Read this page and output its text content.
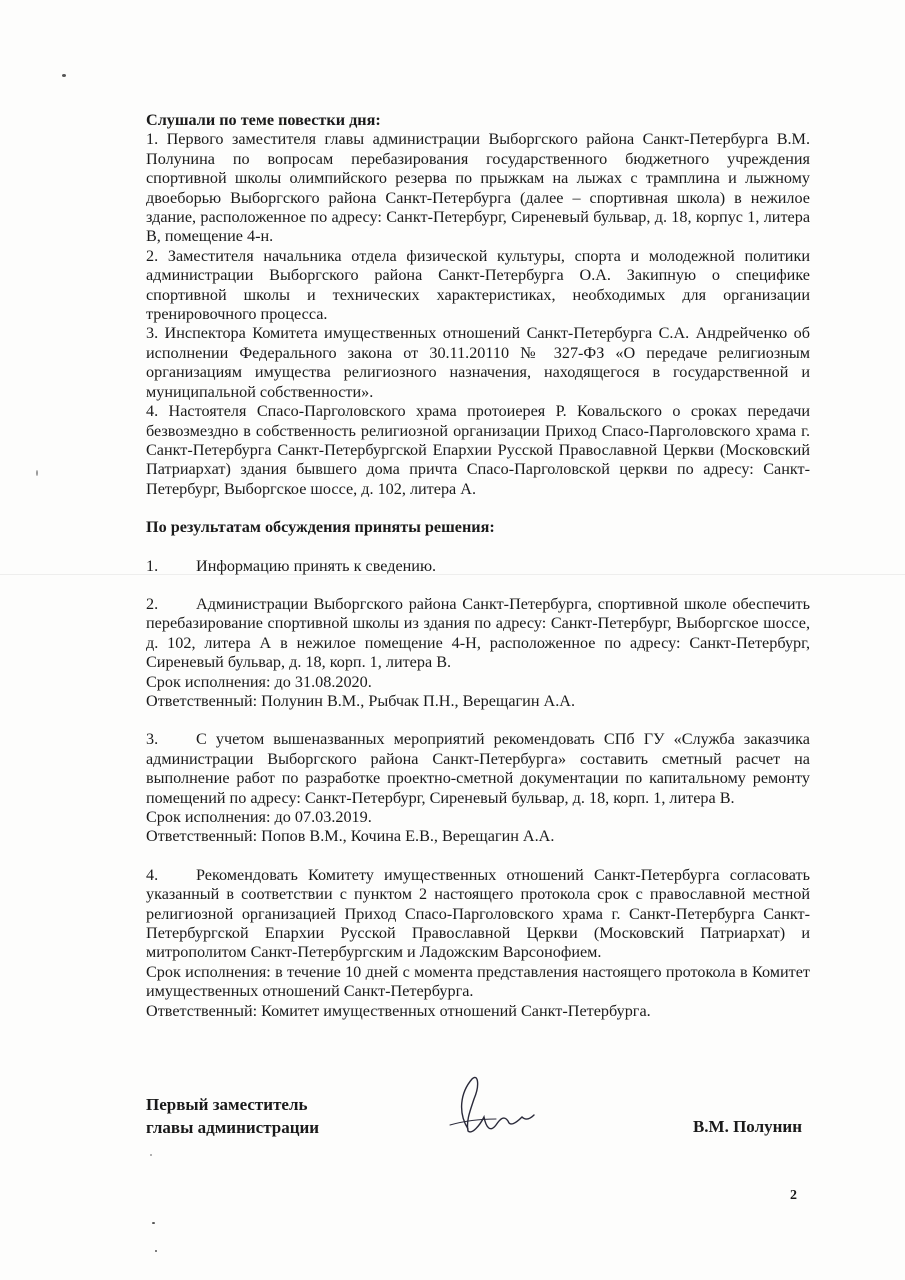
Слушали по теме повестки дня:

1. Первого заместителя главы администрации Выборгского района Санкт-Петербурга В.М. Полунина по вопросам перебазирования государственного бюджетного учреждения спортивной школы олимпийского резерва по прыжкам на лыжах с трамплина и лыжному двоеборью Выборгского района Санкт-Петербурга (далее – спортивная школа) в нежилое здание, расположенное по адресу: Санкт-Петербург, Сиреневый бульвар, д. 18, корпус 1, литера В, помещение 4-н.

2. Заместителя начальника отдела физической культуры, спорта и молодежной политики администрации Выборгского района Санкт-Петербурга О.А. Закипную о специфике спортивной школы и технических характеристиках, необходимых для организации тренировочного процесса.

3. Инспектора Комитета имущественных отношений Санкт-Петербурга С.А. Андрейченко об исполнении Федерального закона от 30.11.20110 № 327-ФЗ «О передаче религиозным организациям имущества религиозного назначения, находящегося в государственной и муниципальной собственности».

4. Настоятеля Спасо-Парголовского храма протоиерея Р. Ковальского о сроках передачи безвозмездно в собственность религиозной организации Приход Спасо-Парголовского храма г. Санкт-Петербурга Санкт-Петербургской Епархии Русской Православной Церкви (Московский Патриархат) здания бывшего дома причта Спасо-Парголовской церкви по адресу: Санкт-Петербург, Выборгское шоссе, д. 102, литера А.

По результатам обсуждения приняты решения:

1. Информацию принять к сведению.

2. Администрации Выборгского района Санкт-Петербурга, спортивной школе обеспечить перебазирование спортивной школы из здания по адресу: Санкт-Петербург, Выборгское шоссе, д. 102, литера А в нежилое помещение 4-Н, расположенное по адресу: Санкт-Петербург, Сиреневый бульвар, д. 18, корп. 1, литера В.

Срок исполнения: до 31.08.2020.

Ответственный: Полунин В.М., Рыбчак П.Н., Верещагин А.А.

3. С учетом вышеназванных мероприятий рекомендовать СПб ГУ «Служба заказчика администрации Выборгского района Санкт-Петербурга» составить сметный расчет на выполнение работ по разработке проектно-сметной документации по капитальному ремонту помещений по адресу: Санкт-Петербург, Сиреневый бульвар, д. 18, корп. 1, литера В.

Срок исполнения: до 07.03.2019.

Ответственный: Попов В.М., Кочина Е.В., Верещагин А.А.

4. Рекомендовать Комитету имущественных отношений Санкт-Петербурга согласовать указанный в соответствии с пунктом 2 настоящего протокола срок с православной местной религиозной организацией Приход Спасо-Парголовского храма г. Санкт-Петербурга Санкт-Петербургской Епархии Русской Православной Церкви (Московский Патриархат) и митрополитом Санкт-Петербургским и Ладожским Варсонофием.

Срок исполнения: в течение 10 дней с момента представления настоящего протокола в Комитет имущественных отношений Санкт-Петербурга.

Ответственный: Комитет имущественных отношений Санкт-Петербурга.

Первый заместитель
главы администрации	В.М. Полунин
2
